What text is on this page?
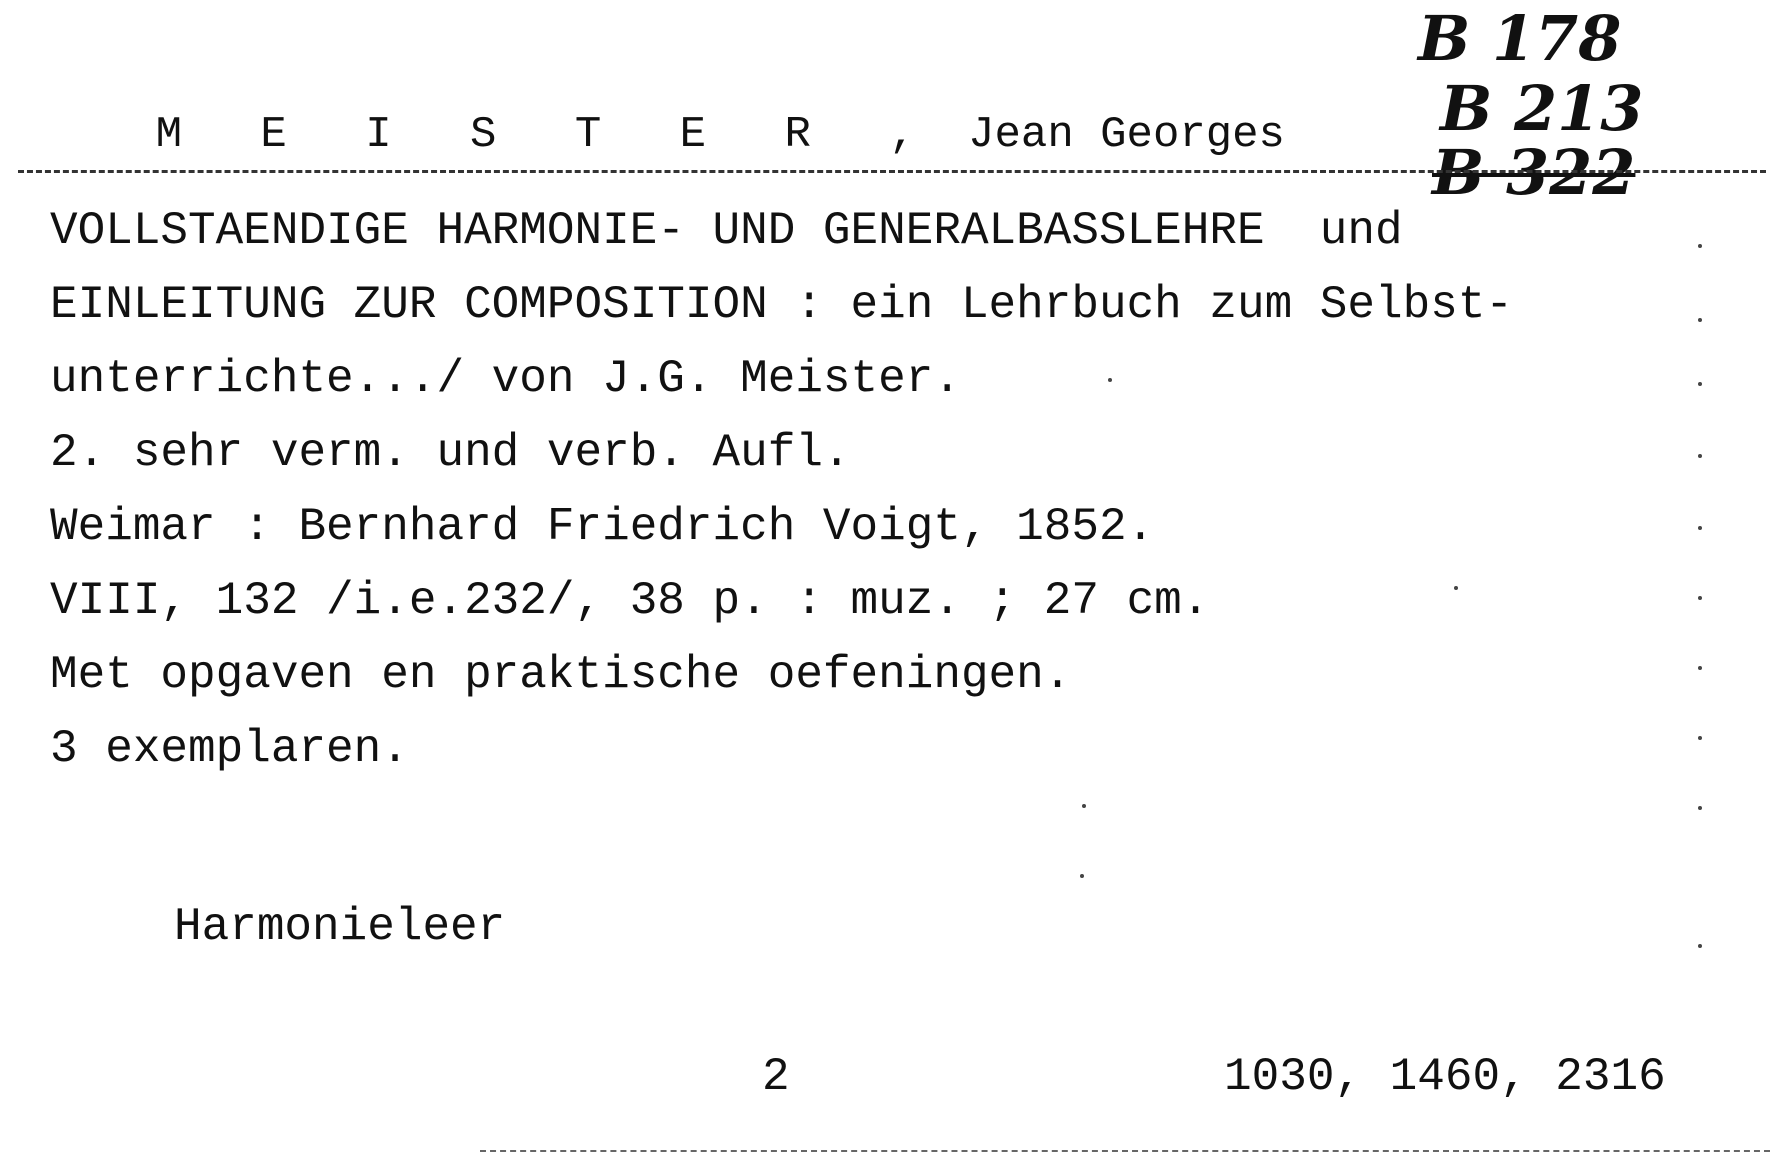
M E I S T E R , Jean Georges

B 178
B 213
B 322
VOLLSTAENDIGE HARMONIE- UND GENERALBASSLEHRE  und
EINLEITUNG ZUR COMPOSITION : ein Lehrbuch zum Selbst-
unterrichte.../ von J.G. Meister.
2. sehr verm. und verb. Aufl.
Weimar : Bernhard Friedrich Voigt, 1852.
VIII, 132 /i.e.232/, 38 p. : muz. ; 27 cm.
Met opgaven en praktische oefeningen.
3 exemplaren.
Harmonieleer
2	1030, 1460, 2316
